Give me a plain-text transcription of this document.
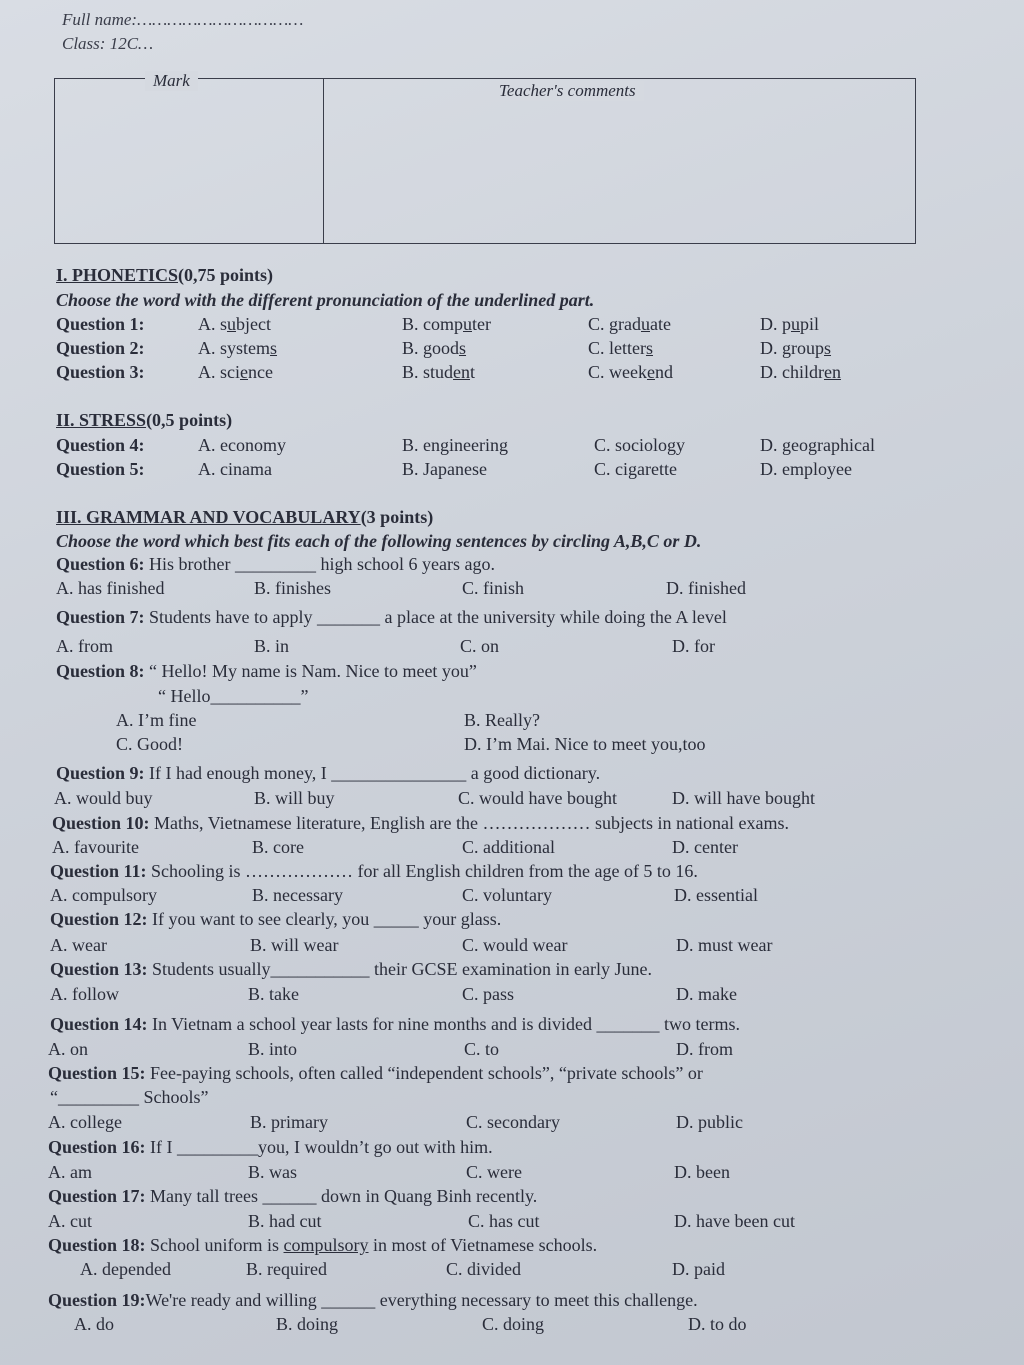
Full name:……………………………
Class: 12C…
Mark
Teacher's comments
I. PHONETICS(0,75 points)
Choose the word with the different pronunciation of the underlined part.
Question 1:	A. subject	B. computer	C. graduate	D. pupil
Question 2:	A. systems	B. goods	C. letters	D. groups
Question 3:	A. science	B. student	C. weekend	D. children
II. STRESS(0,5 points)
Question 4:	A. economy	B. engineering	C. sociology	D. geographical
Question 5:	A. cinama	B. Japanese	C. cigarette	D. employee
III. GRAMMAR AND VOCABULARY(3 points)
Choose the word which best fits each of the following sentences by circling A,B,C or D.
Question 6: His brother _________ high school 6 years ago.
A. has finished	B. finishes	C. finish	D. finished
Question 7: Students have to apply _______ a place at the university while doing the A level
A. from	B. in	C. on	D. for
Question 8: “ Hello! My name is Nam. Nice to meet you”
“ Hello__________”
A. I’m fine	B. Really?
C. Good!	D. I’m Mai. Nice to meet you,too
Question 9: If I had enough money, I _______________ a good dictionary.
A. would buy	B. will buy	C. would have bought	D. will have bought
Question 10: Maths, Vietnamese literature, English are the ……………… subjects in national exams.
A. favourite	B. core	C. additional	D. center
Question 11: Schooling is ……………… for all English children from the age of 5 to 16.
A. compulsory	B. necessary	C. voluntary	D. essential
Question 12: If you want to see clearly, you _____ your glass.
A. wear	B. will wear	C. would wear	D. must wear
Question 13: Students usually___________ their GCSE examination in early June.
A. follow	B. take	C. pass	D. make
Question 14: In Vietnam a school year lasts for nine months and is divided _______ two terms.
A. on	B. into	C. to	D. from
Question 15: Fee-paying schools, often called “independent schools”, “private schools” or
“_________ Schools”
A. college	B. primary	C. secondary	D. public
Question 16: If I _________you, I wouldn’t go out with him.
A. am	B. was	C. were	D. been
Question 17: Many tall trees ______ down in Quang Binh recently.
A. cut	B. had cut	C. has cut	D. have been cut
Question 18: School uniform is compulsory in most of Vietnamese schools.
A. depended	B. required	C. divided	D. paid
Question 19:We're ready and willing ______ everything necessary to meet this challenge.
A. do	B. doing	C. doing	D. to do
